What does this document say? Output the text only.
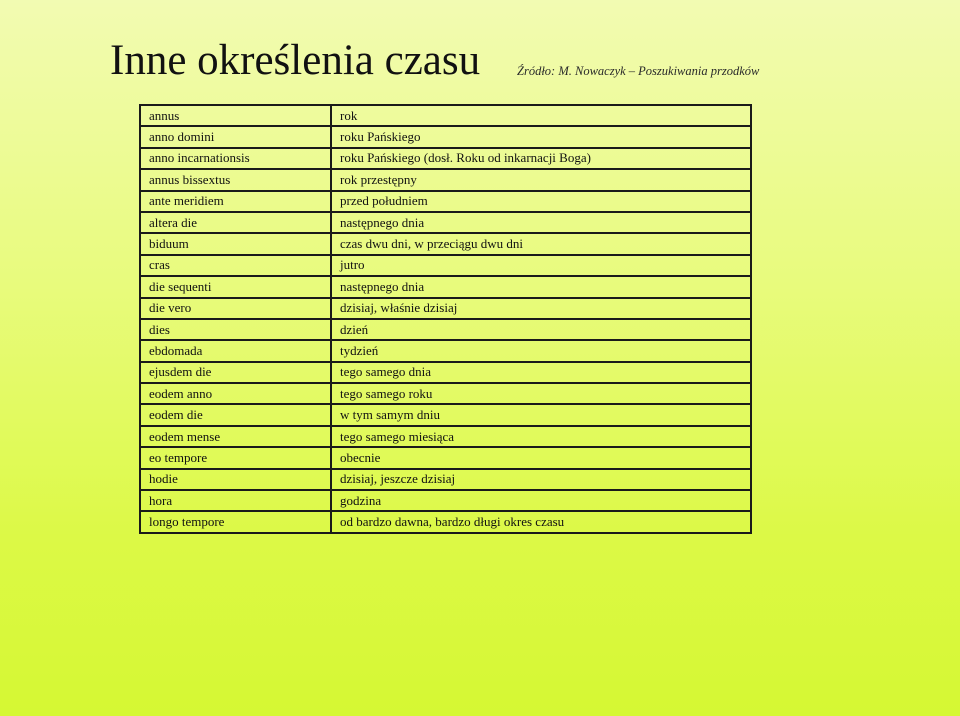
Inne określenia czasu	Źródło: M. Nowaczyk – Poszukiwania przodków
annus	rok
anno domini	roku Pańskiego
anno incarnationsis	roku Pańskiego (dosł. Roku od inkarnacji Boga)
annus bissextus	rok przestępny
ante meridiem	przed południem
altera die	następnego dnia
biduum	czas dwu dni, w przeciągu dwu dni
cras	jutro
die sequenti	następnego dnia
die vero	dzisiaj, właśnie dzisiaj
dies	dzień
ebdomada	tydzień
ejusdem die	tego samego dnia
eodem anno	tego samego roku
eodem die	w tym samym dniu
eodem mense	tego samego miesiąca
eo tempore	obecnie
hodie	dzisiaj, jeszcze dzisiaj
hora	godzina
longo tempore	od bardzo dawna, bardzo długi okres czasu
